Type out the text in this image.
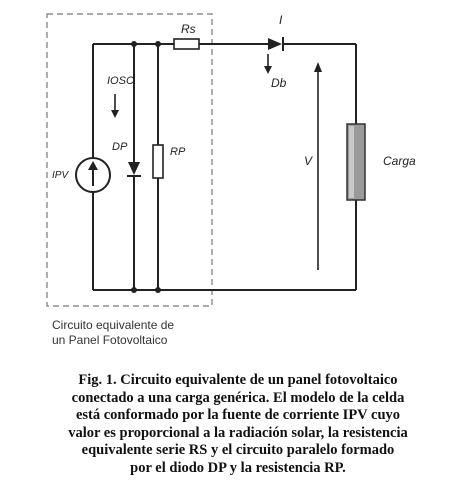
Rs
I
Db
IOSC
DP	RP
IPV
V	Carga
Circuito equivalente de
un Panel Fotovoltaico
Fig. 1. Circuito equivalente de un panel fotovoltaico
conectado a una carga genérica. El modelo de la celda
está conformado por la fuente de corriente IPV cuyo
valor es proporcional a la radiación solar, la resistencia
equivalente serie RS y el circuito paralelo formado
por el diodo DP y la resistencia RP.
